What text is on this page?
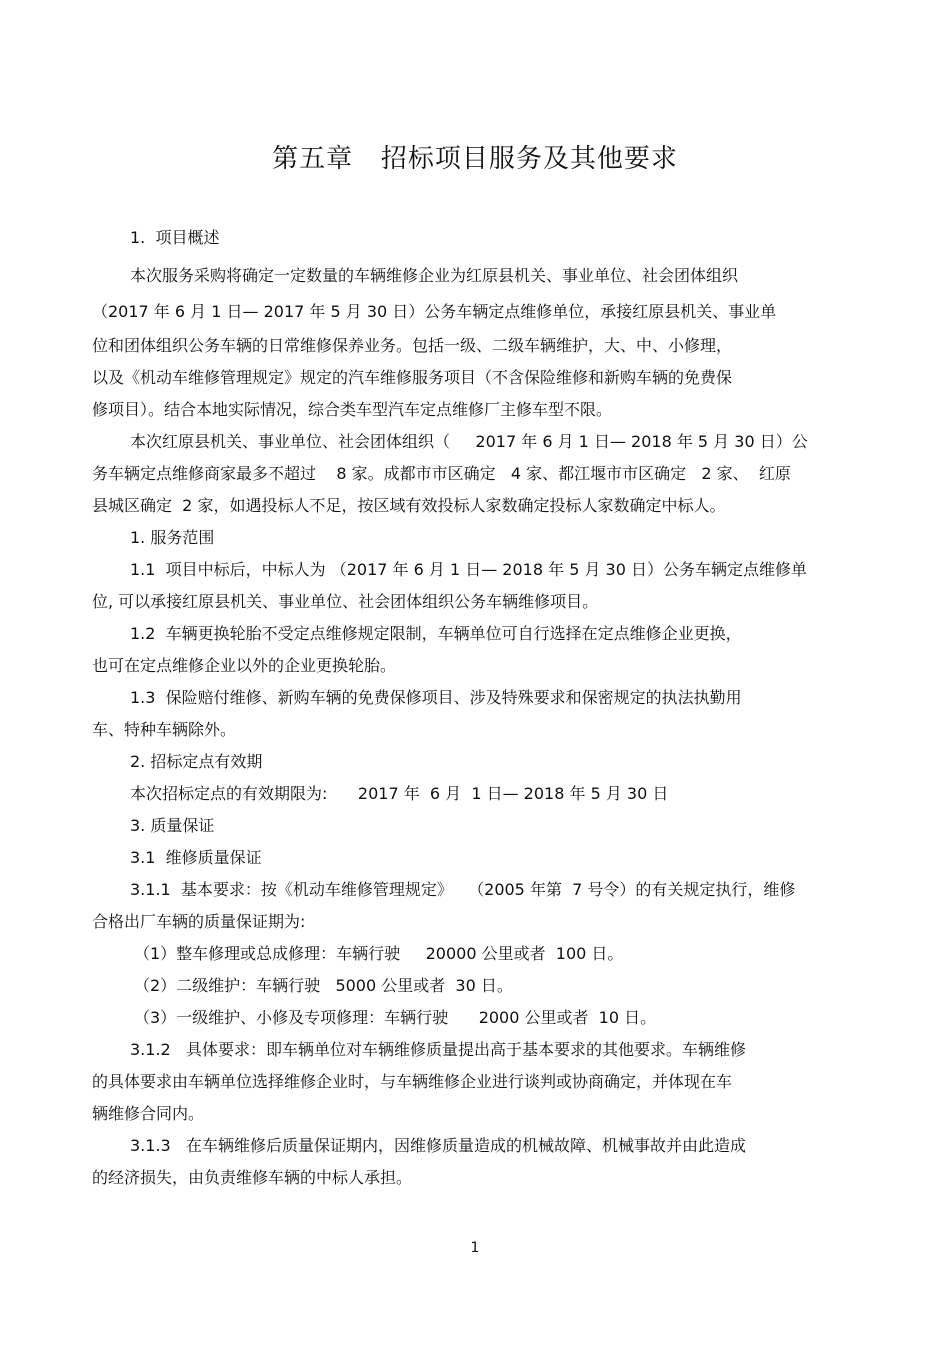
第五章   招标项目服务及其他要求
1.  项目概述
本次服务采购将确定一定数量的车辆维修企业为红原县机关、事业单位、社会团体组织
（2017 年 6 月 1 日— 2017 年 5 月 30 日）公务车辆定点维修单位，承接红原县机关、事业单
位和团体组织公务车辆的日常维修保养业务。包括一级、二级车辆维护，大、中、小修理，
以及《机动车维修管理规定》规定的汽车维修服务项目（不含保险维修和新购车辆的免费保
修项目）。结合本地实际情况，综合类车型汽车定点维修厂主修车型不限。
本次红原县机关、事业单位、社会团体组织（     2017 年 6 月 1 日— 2018 年 5 月 30 日）公
务车辆定点维修商家最多不超过    8 家。成都市市区确定   4 家、都江堰市市区确定   2 家、  红原
县城区确定  2 家，如遇投标人不足，按区域有效投标人家数确定投标人家数确定中标人。
1. 服务范围
1.1  项目中标后，中标人为 （2017 年 6 月 1 日— 2018 年 5 月 30 日）公务车辆定点维修单
位, 可以承接红原县机关、事业单位、社会团体组织公务车辆维修项目。
1.2  车辆更换轮胎不受定点维修规定限制，车辆单位可自行选择在定点维修企业更换，
也可在定点维修企业以外的企业更换轮胎。
1.3  保险赔付维修、新购车辆的免费保修项目、涉及特殊要求和保密规定的执法执勤用
车、特种车辆除外。
2. 招标定点有效期
本次招标定点的有效期限为:      2017 年  6 月  1 日— 2018 年 5 月 30 日
3. 质量保证
3.1  维修质量保证
3.1.1  基本要求：按《机动车维修管理规定》   （2005 年第  7 号令）的有关规定执行，维修
合格出厂车辆的质量保证期为:
（1）整车修理或总成修理：车辆行驶     20000 公里或者  100 日。
（2）二级维护：车辆行驶   5000 公里或者  30 日。
（3）一级维护、小修及专项修理：车辆行驶      2000 公里或者  10 日。
3.1.2   具体要求：即车辆单位对车辆维修质量提出高于基本要求的其他要求。车辆维修
的具体要求由车辆单位选择维修企业时，与车辆维修企业进行谈判或协商确定，并体现在车
辆维修合同内。
3.1.3   在车辆维修后质量保证期内，因维修质量造成的机械故障、机械事故并由此造成
的经济损失，由负责维修车辆的中标人承担。
1
